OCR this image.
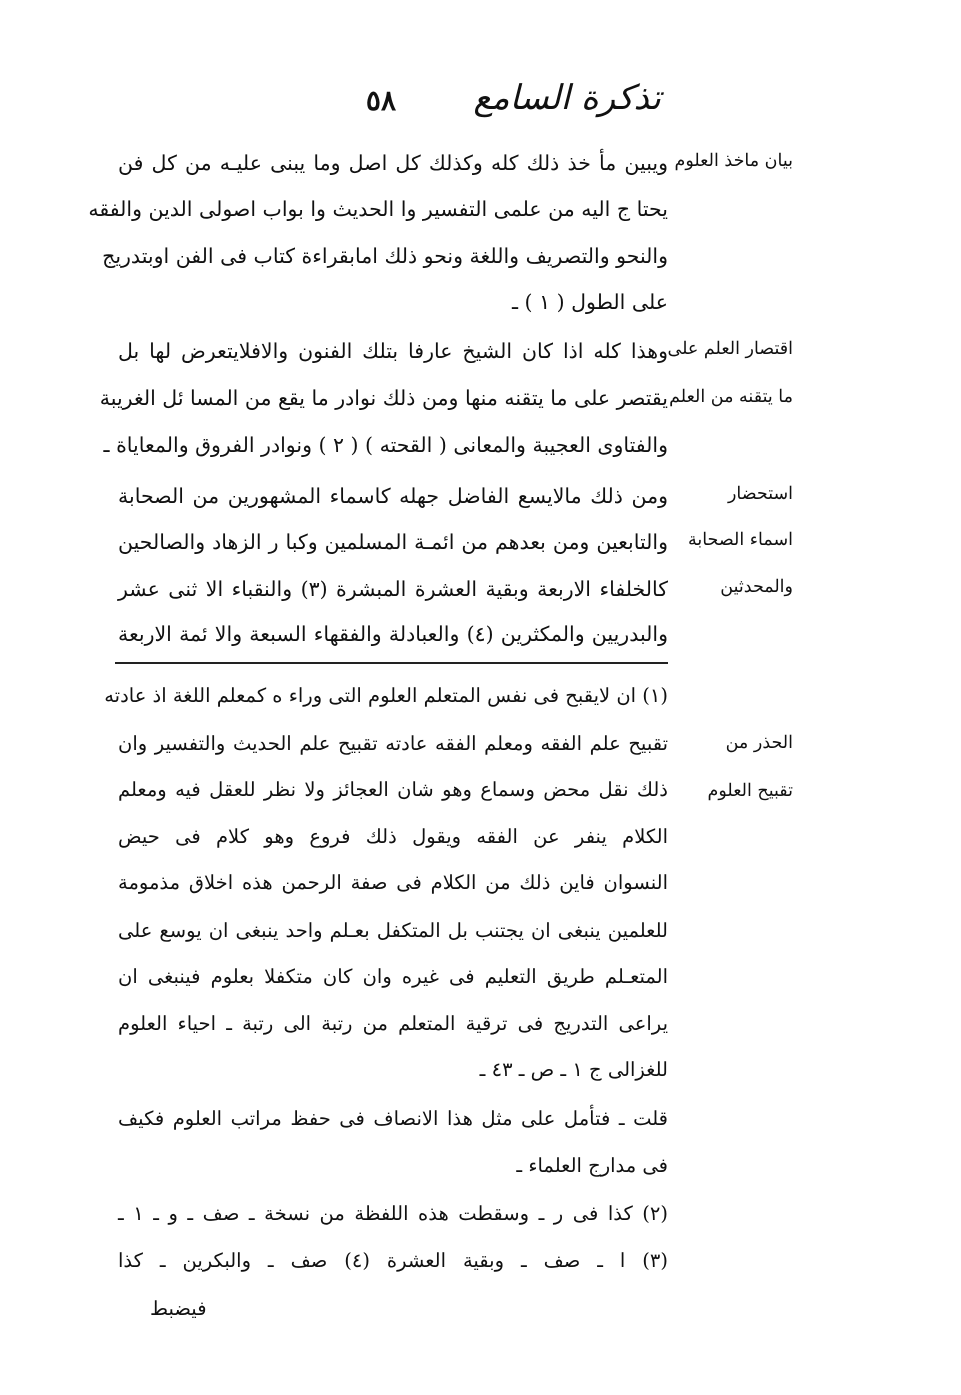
تذكرة السامع
٥٨
بيان ماخذ العلوم
اقتصار العلم على
ما يتقنه من العلم
استحضار
اسماء الصحابة
والمحدثين
الحذر من
تقبيح العلوم
ويبين مأ خذ ذلك كله وكذلك كل اصل وما يبنى عليـه من كل فن
يحتا ج اليه من علمى التفسير وا الحديث وا بواب اصولى الدين والفقه
والنحو والتصريف واللغة ونحو ذلك امابقراءة كتاب فى الفن اوبتدريج
على الطول ( ١ ) ـ
وهذا كله اذا كان الشيخ عارفا بتلك الفنون والافلايتعرض لها بل
يقتصر على ما يتقنه منها ومن ذلك نوادر ما يقع من المسا ئل الغريبة
والفتاوى العجيبة والمعانى ( القحته ) ( ٢ ) ونوادر الفروق والمعاياة ـ
ومن ذلك مالايسع الفاضل جهله كاسماء المشهورين من الصحابة
والتابعين ومن بعدهم من ائمـة المسلمين وكبا ر الزهاد والصالحين
كالخلفاء الاربعة وبقية العشرة المبشرة (٣) والنقباء الا ثنى عشر
والبدريين والمكثرين (٤) والعبادلة والفقهاء السبعة والا ئمة الاربعة
(١) ان لايقبح فى نفس المتعلم العلوم التى وراء ه كمعلم اللغة اذ عادته
تقبيح علم الفقه ومعلم الفقه عادته تقبيح علم الحديث والتفسير وان
ذلك نقل محض وسماع وهو شان العجائز ولا نظر للعقل فيه ومعلم
الكلام ينفر عن الفقه ويقول ذلك فروع وهو كلام فى حيض
النسوان فاين ذلك من الكلام فى صفة الرحمن هذه اخلاق مذمومة
للعلمين ينبغى ان يجتنب بل المتكفل بعـلم واحد ينبغى ان يوسع على
المتعـلم طريق التعليم فى غيره وان كان متكفلا بعلوم فينبغى ان
يراعى التدريج فى ترقية المتعلم من رتبة الى رتبة ـ احياء العلوم
للغزالى ج ١ ـ ص ـ ٤٣ ـ
قلت ـ فتأمل على مثل هذا الانصاف فى حفظ مراتب العلوم فكيف
فى مدارج العلماء ـ
(٢) كذا فى ر ـ وسقطت هذه اللفظة من نسخة ـ صف ـ و ـ ١ ـ
(٣) ا ـ صف ـ وبقية العشرة (٤) صف ـ والبكرين ـ كذا
فيضبط
